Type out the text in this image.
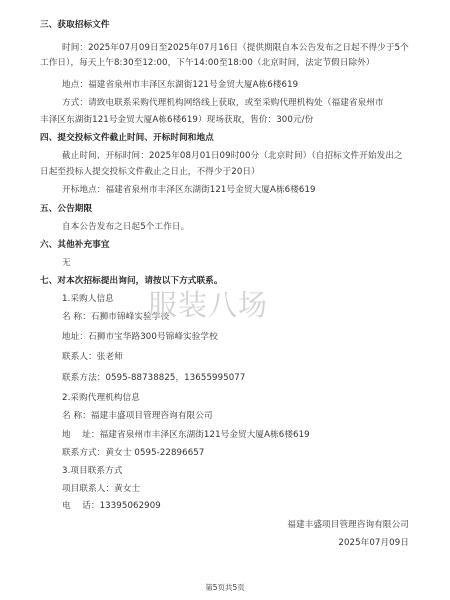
三、获取招标文件
时间：2025年07月09日至2025年07月16日（提供期限自本公告发布之日起不得少于5个
工作日），每天上午8:30至12:00，下午14:00至18:00（北京时间，法定节假日除外）
地点：福建省泉州市丰泽区东湖街121号金贸大厦A栋6楼619
方式：请致电联系采购代理机构网络线上获取，或至采购代理机构处（福建省泉州市
丰泽区东湖街121号金贸大厦A栋6楼619）现场获取，售价：300元/份
四、提交投标文件截止时间、开标时间和地点
截止时间、开标时间：2025年08月01日09时00分（北京时间）（自招标文件开始发出之
日起至投标人提交投标文件截止之日止，不得少于20日）
开标地点：福建省泉州市丰泽区东湖街121号金贸大厦A栋6楼619
五、公告期限
自本公告发布之日起5个工作日。
六、其他补充事宜
无
七、对本次招标提出询问，请按以下方式联系。
1.采购人信息
名 称：石狮市锦峰实验学校
地址：石狮市宝华路300号锦峰实验学校
联系人：张老师
联系方法：0595-88738825，13655995077
2.采购代理机构信息
名 称：福建丰盛项目管理咨询有限公司
地　 址：福建省泉州市丰泽区东湖街121号金贸大厦A栋6楼619
联系方式：黄女士 0595-22896657
3.项目联系方式
项目联系人：黄女士
电　 话：13395062909
福建丰盛项目管理咨询有限公司
2025年07月09日
第5页共5页
服装八场
